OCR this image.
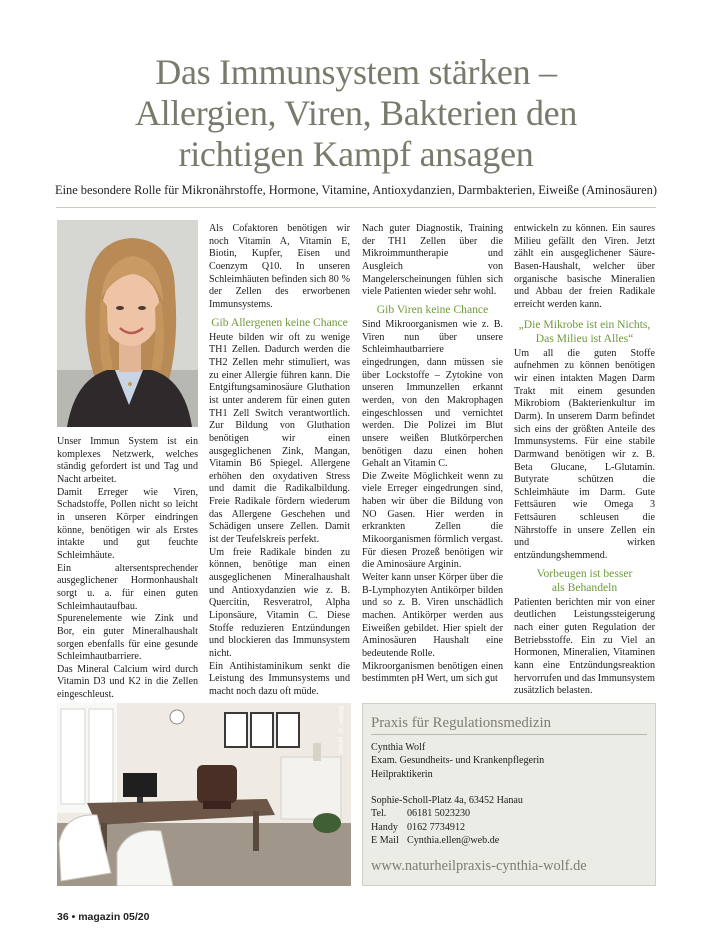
Das Immunsystem stärken –
Allergien, Viren, Bakterien den
richtigen Kampf ansagen
Eine besondere Rolle für Mikronährstoffe, Hormone, Vitamine, Antioxydanzien, Darmbakterien, Eiweiße (Aminosäuren)

Unser Immun System ist ein komplexes Netzwerk, welches ständig gefordert ist und Tag und Nacht arbeitet.

Damit Erreger wie Viren, Schadstoffe, Pollen nicht so leicht in unseren Körper eindringen könne, benötigen wir als Erstes intakte und gut feuchte Schleimhäute.

Ein altersentsprechender ausgeglichener Hormonhaushalt sorgt u. a. für einen guten Schleimhautaufbau. Spurenelemente wie Zink und Bor, ein guter Mineralhaushalt sorgen ebenfalls für eine gesunde Schleimhautbarriere.

Das Mineral Calcium wird durch Vitamin D3 und K2 in die Zellen eingeschleust.

Als Cofaktoren benötigen wir noch Vitamin A, Vitamin E, Biotin, Kupfer, Eisen und Coenzym Q10. In unseren Schleimhäuten befinden sich 80 % der Zellen des erworbenen Immunsystems.

Gib Allergenen keine Chance

Heute bilden wir oft zu wenige TH1 Zellen. Dadurch werden die TH2 Zellen mehr stimuliert, was zu einer Allergie führen kann. Die Entgiftungsaminosäure Gluthation ist unter anderem für einen guten TH1 Zell Switch verantwortlich. Zur Bildung von Gluthation benötigen wir einen ausgeglichenen Zink, Mangan, Vitamin B6 Spiegel. Allergene erhöhen den oxydativen Stress und damit die Radikalbildung. Freie Radikale fördern wiederum das Allergene Geschehen und Schädigen unsere Zellen. Damit ist der Teufelskreis perfekt.

Um freie Radikale binden zu können, benötige man einen ausgeglichenen Mineralhaushalt und Antioxydanzien wie z. B. Quercitin, Resveratrol, Alpha Liponsäure, Vitamin C. Diese Stoffe reduzieren Entzündungen und blockieren das Immunsystem nicht.

Ein Antihistaminikum senkt die Leistung des Immunsystems und macht noch dazu oft müde.

Nach guter Diagnostik, Training der TH1 Zellen über die Mikroimmuntherapie und Ausgleich von Mangelerscheinungen fühlen sich viele Patienten wieder sehr wohl.

Gib Viren keine Chance

Sind Mikroorganismen wie z. B. Viren nun über unsere Schleimhautbarriere eingedrungen, dann müssen sie über Lockstoffe – Zytokine von unseren Immunzellen erkannt werden, von den Makrophagen eingeschlossen und vernichtet werden. Die Polizei im Blut unsere weißen Blutkörperchen benötigen dazu einen hohen Gehalt an Vitamin C.

Die Zweite Möglichkeit wenn zu viele Erreger eingedrungen sind, haben wir über die Bildung von NO Gasen. Hier werden in erkrankten Zellen die Mikoorganismen förmlich vergast. Für diesen Prozeß benötigen wir die Aminosäure Arginin.

Weiter kann unser Körper über die B-Lymphozyten Antikörper bilden und so z. B. Viren unschädlich machen. Antikörper werden aus Eiweißen gebildet. Hier spielt der Aminosäuren Haushalt eine bedeutende Rolle.

Mikroorganismen benötigen einen bestimmten pH Wert, um sich gut

entwickeln zu können. Ein saures Milieu gefällt den Viren. Jetzt zählt ein ausgeglichener Säure-Basen-Haushalt, welcher über organische basische Mineralien und Abbau der freien Radikale erreicht werden kann.

„Die Mikrobe ist ein Nichts,
Das Milieu ist Alles“

Um all die guten Stoffe aufnehmen zu können benötigen wir einen intakten Magen Darm Trakt mit einem gesunden Mikrobiom (Bakterienkultur im Darm). In unserem Darm befindet sich eins der größten Anteile des Immunsystems. Für eine stabile Darmwand benötigen wir z. B. Beta Glucane, L-Glutamin. Butyrate schützen die Schleimhäute im Darm. Gute Fettsäuren wie Omega 3 Fettsäuren schleusen die Nährstoffe in unsere Zellen ein und wirken entzündungshemmend.

Vorbeugen ist besser
als Behandeln

Patienten berichten mir von einer deutlichen Leistungssteigerung nach einer guten Regulation der Betriebsstoffe. Ein zu Viel an Hormonen, Mineralien, Vitaminen kann eine Entzündungsreaktion hervorrufen und das Immunsystem zusätzlich belasten.

Bilder: © privat Praxis für Regulationsmedizin
Cynthia Wolf
Exam. Gesundheits- und Krankenpflegerin
Heilpraktikerin
Sophie-Scholl-Platz 4a, 63452 Hanau
Tel.	06181 5023230
Handy 0162 7734912
E Mail Cynthia.ellen@web.de
www.naturheilpraxis-cynthia-wolf.de
36 • magazin 05/20
